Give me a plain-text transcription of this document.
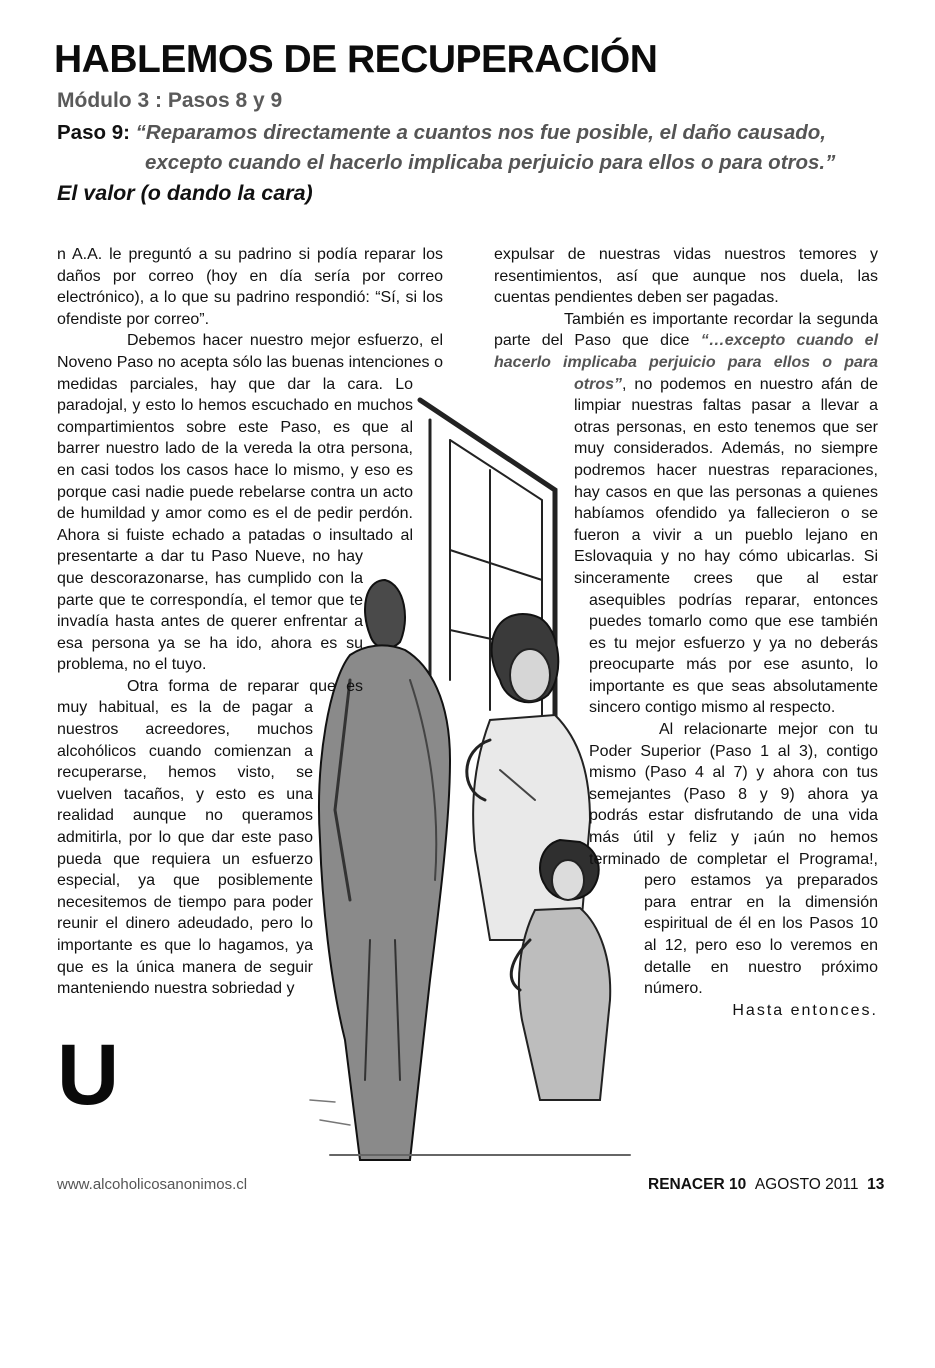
HABLEMOS DE RECUPERACIÓN
Módulo 3 : Pasos 8 y 9
Paso 9: “Reparamos directamente a cuantos nos fue posible, el daño causado,
excepto cuando el hacerlo implicaba perjuicio para ellos o para otros.”
El valor (o dando la cara)

U
n A.A. le preguntó a su padrino si podía reparar los daños por correo (hoy en día sería por correo electrónico), a lo que su padrino respondió: “Sí, si los ofendiste por correo”.

Debemos hacer nuestro mejor esfuerzo, el Noveno Paso no acepta sólo las buenas intenciones o medidas parciales, hay que dar la cara. Lo paradojal, y esto lo hemos escuchado en muchos compartimientos sobre este Paso, es que al barrer nuestro lado de la vereda la otra persona, en casi todos los casos hace lo mismo, y eso es porque casi nadie puede rebelarse contra un acto de humildad y amor como es el de pedir perdón. Ahora si fuiste echado a patadas o insultado al presentarte a dar tu Paso Nueve, no hay que descorazonarse, has cumplido con la parte que te correspondía, el temor que te invadía hasta antes de querer enfrentar a esa persona ya se ha ido, ahora es su problema, no el tuyo.

Otra forma de reparar que es muy habitual, es la de pagar a nuestros acreedores, muchos alcohólicos cuando comienzan a recuperarse, hemos visto, se vuelven tacaños, y esto es una realidad aunque no queramos admitirla, por lo que dar este paso pueda que requiera un esfuerzo especial, ya que posiblemente necesitemos de tiempo para poder reunir el dinero adeudado, pero lo importante es que lo hagamos, ya que es la única manera de seguir manteniendo nuestra sobriedad y

expulsar de nuestras vidas nuestros temores y resentimientos, así que aunque nos duela, las cuentas pendientes deben ser pagadas.

También es importante recordar la segunda parte del Paso que dice “…excepto cuando el hacerlo implicaba perjuicio para ellos o para otros”, no podemos en nuestro afán de limpiar nuestras faltas pasar a llevar a otras personas, en esto tenemos que ser muy considerados. Además, no siempre podremos hacer nuestras reparaciones, hay casos en que las personas a quienes habíamos ofendido ya fallecieron o se fueron a vivir a un pueblo lejano en Eslovaquia y no hay cómo ubicarlas. Si sinceramente crees que al estar asequibles podrías reparar, entonces puedes tomarlo como que ese también es tu mejor esfuerzo y ya no deberás preocuparte más por ese asunto, lo importante es que seas absolutamente sincero contigo mismo al respecto.

Al relacionarte mejor con tu Poder Superior (Paso 1 al 3), contigo mismo (Paso 4 al 7) y ahora con tus semejantes (Paso 8 y 9) ahora ya podrás estar disfrutando de una vida más útil y feliz y ¡aún no hemos terminado de completar el Programa!, pero estamos ya preparados para entrar en la dimensión espiritual de él en los Pasos 10 al 12, pero eso lo veremos en detalle en nuestro próximo número.

Hasta entonces.

www.alcoholicosanonimos.cl	RENACER 10 AGOSTO 2011 13
